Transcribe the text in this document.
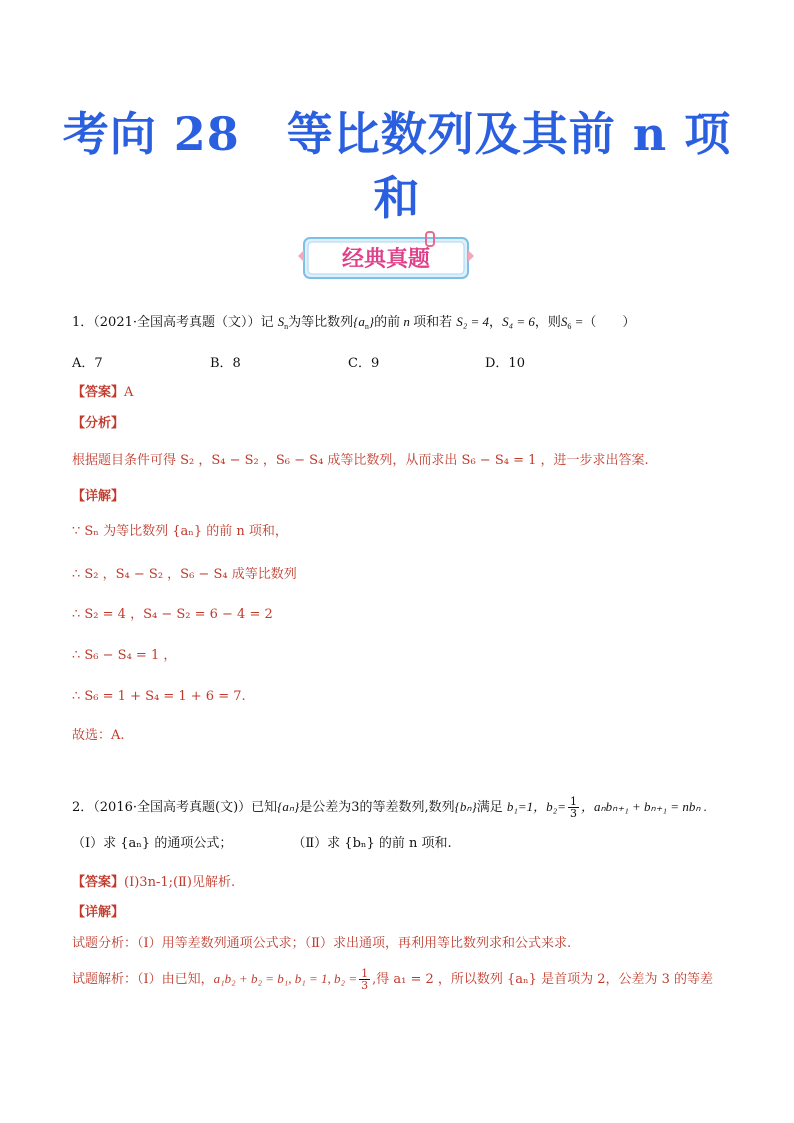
考向 28　等比数列及其前 n 项
和
经典真题
1．（2021·全国高考真题（文））记 $S_n$为等比数列$\{a_n\}$的前 n 项和若 S₂ = 4，S₄ = 6，则$S_6$ =（　　）
A．7	B．8	C．9	D．10
【答案】A
【分析】
根据题目条件可得 S₂ ，S₄ − S₂ ，S₆ − S₄ 成等比数列，从而求出 S₆ − S₄ = 1 ，进一步求出答案.
【详解】
∵ Sₙ 为等比数列 {aₙ} 的前 n 项和，
∴ S₂ ，S₄ − S₂ ，S₆ − S₄ 成等比数列
∴ S₂ = 4 ，S₄ − S₂ = 6 − 4 = 2
∴ S₆ − S₄ = 1 ，
∴ S₆ = 1 + S₄ = 1 + 6 = 7.
故选：A.
2．（2016·全国高考真题(文)）已知{aₙ}是公差为3的等差数列,数列{bₙ}满足 b₁=1，$b_2= \frac{1}{3}$ ，aₙbₙ₊₁ + bₙ₊₁ = nbₙ .
（Ⅰ）求 {aₙ} 的通项公式；	（Ⅱ）求 {bₙ} 的前 n 项和.
【答案】(Ⅰ)3n-1;(Ⅱ)见解析.
【详解】
试题分析：（Ⅰ）用等差数列通项公式求；（Ⅱ）求出通项，再利用等比数列求和公式来求.
试题解析：（Ⅰ）由已知，a₁b₂ + b₂ = b₁, b₁ = 1, $b_2 = \frac{1}{3}$ ,得 a₁ = 2 ，所以数列 {aₙ} 是首项为 2，公差为 3 的等差
